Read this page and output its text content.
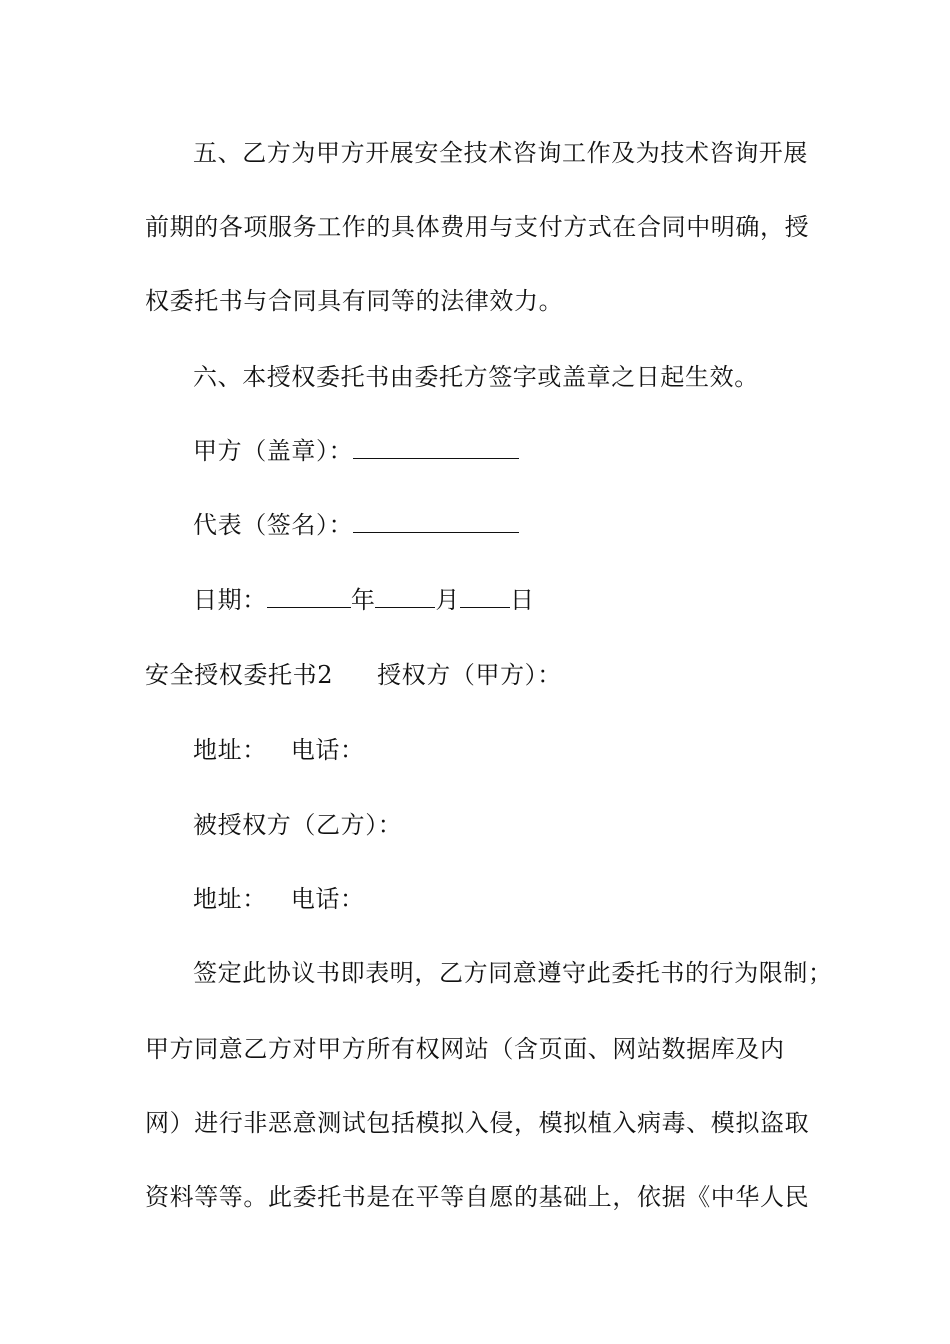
五、乙方为甲方开展安全技术咨询工作及为技术咨询开展
前期的各项服务工作的具体费用与支付方式在合同中明确，授
权委托书与合同具有同等的法律效力。
六、本授权委托书由委托方签字或盖章之日起生效。
甲方（盖章）：
代表（签名）：
日期：	年	月 日
安全授权委托书2 授权方（甲方）：
地址： 电话：
被授权方（乙方）：
地址： 电话：
签定此协议书即表明，乙方同意遵守此委托书的行为限制；
甲方同意乙方对甲方所有权网站（含页面、网站数据库及内
网）进行非恶意测试包括模拟入侵，模拟植入病毒、模拟盗取
资料等等。此委托书是在平等自愿的基础上，依据《中华人民
